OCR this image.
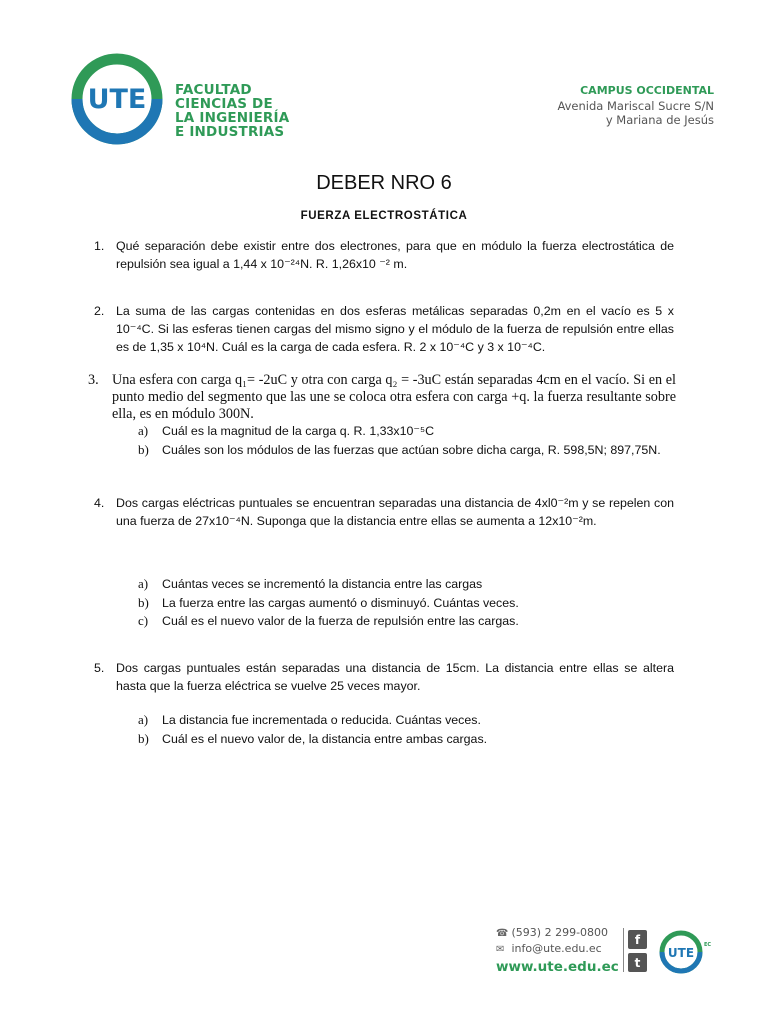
UTE FACULTAD
CIENCIAS DE
LA INGENIERÍA
E INDUSTRIAS
CAMPUS OCCIDENTAL
Avenida Mariscal Sucre S/N
y Mariana de Jesús
DEBER NRO 6
FUERZA ELECTROSTÁTICA
1. Qué separación debe existir entre dos electrones, para que en módulo la fuerza electrostática de repulsión sea igual a 1,44 x 10⁻²⁴N. R. 1,26x10 ⁻² m.
2. La suma de las cargas contenidas en dos esferas metálicas separadas 0,2m en el vacío es 5 x 10⁻⁴C. Si las esferas tienen cargas del mismo signo y el módulo de la fuerza de repulsión entre ellas es de 1,35 x 10⁴N. Cuál es la carga de cada esfera. R. 2 x 10⁻⁴C y 3 x 10⁻⁴C.
3. Una esfera con carga q₁= -2uC y otra con carga q₂ = -3uC están separadas 4cm en el vacío. Si en el punto medio del segmento que las une se coloca otra esfera con carga +q. la fuerza resultante sobre ella, es en módulo 300N.
a) Cuál es la magnitud de la carga q. R. 1,33x10⁻⁵C
b) Cuáles son los módulos de las fuerzas que actúan sobre dicha carga, R. 598,5N; 897,75N.
4. Dos cargas eléctricas puntuales se encuentran separadas una distancia de 4xl0⁻²m y se repelen con una fuerza de 27x10⁻⁴N. Suponga que la distancia entre ellas se aumenta a 12x10⁻²m.
a) Cuántas veces se incrementó la distancia entre las cargas
b) La fuerza entre las cargas aumentó o disminuyó. Cuántas veces.
c) Cuál es el nuevo valor de la fuerza de repulsión entre las cargas.
5. Dos cargas puntuales están separadas una distancia de 15cm. La distancia entre ellas se altera hasta que la fuerza eléctrica se vuelve 25 veces mayor.
a) La distancia fue incrementada o reducida. Cuántas veces.
b) Cuál es el nuevo valor de, la distancia entre ambas cargas.
☎ (593) 2 299-0800
✉ info@ute.edu.ec
www.ute.edu.ec
f
t
UTE
EC
